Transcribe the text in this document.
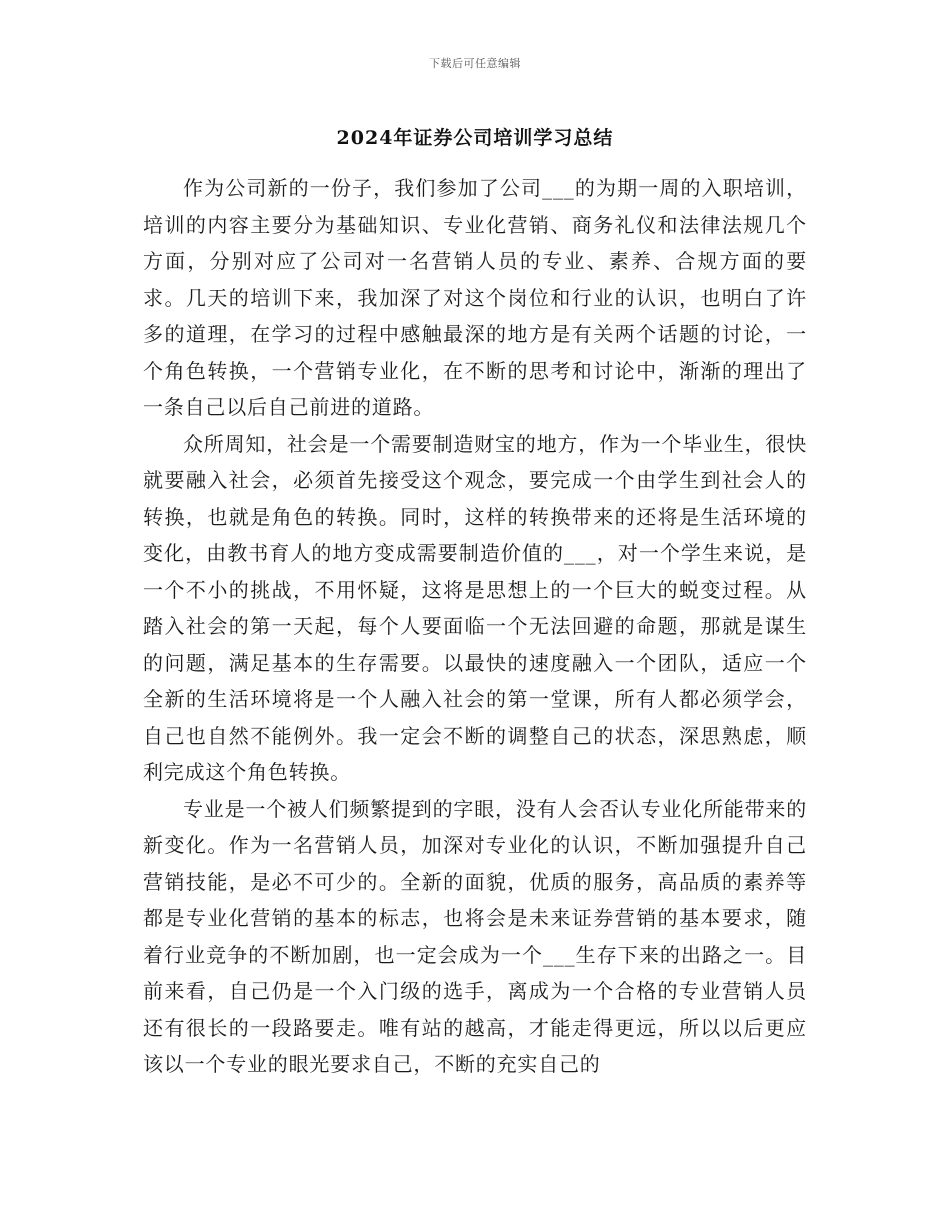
下载后可任意编辑
2024年证券公司培训学习总结

作为公司新的一份子，我们参加了公司___的为期一周的入职培训，培训的内容主要分为基础知识、专业化营销、商务礼仪和法律法规几个方面，分别对应了公司对一名营销人员的专业、素养、合规方面的要求。几天的培训下来，我加深了对这个岗位和行业的认识，也明白了许多的道理，在学习的过程中感触最深的地方是有关两个话题的讨论，一个角色转换，一个营销专业化，在不断的思考和讨论中，渐渐的理出了一条自己以后自己前进的道路。

众所周知，社会是一个需要制造财宝的地方，作为一个毕业生，很快就要融入社会，必须首先接受这个观念，要完成一个由学生到社会人的转换，也就是角色的转换。同时，这样的转换带来的还将是生活环境的变化，由教书育人的地方变成需要制造价值的___，对一个学生来说，是一个不小的挑战，不用怀疑，这将是思想上的一个巨大的蜕变过程。从踏入社会的第一天起，每个人要面临一个无法回避的命题，那就是谋生的问题，满足基本的生存需要。以最快的速度融入一个团队，适应一个全新的生活环境将是一个人融入社会的第一堂课，所有人都必须学会，自己也自然不能例外。我一定会不断的调整自己的状态，深思熟虑，顺利完成这个角色转换。

专业是一个被人们频繁提到的字眼，没有人会否认专业化所能带来的新变化。作为一名营销人员，加深对专业化的认识，不断加强提升自己营销技能，是必不可少的。全新的面貌，优质的服务，高品质的素养等都是专业化营销的基本的标志，也将会是未来证券营销的基本要求，随着行业竞争的不断加剧，也一定会成为一个___生存下来的出路之一。目前来看，自己仍是一个入门级的选手，离成为一个合格的专业营销人员还有很长的一段路要走。唯有站的越高，才能走得更远，所以以后更应该以一个专业的眼光要求自己，不断的充实自己的
